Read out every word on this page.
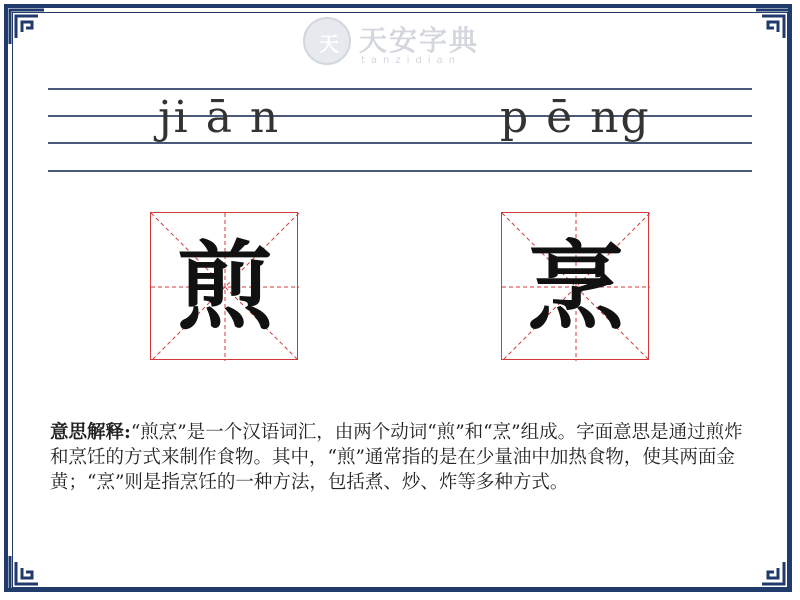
天 天安字典
tanzidian
ji ā n	p ē ng
煎	烹
意思解释:“煎烹”是一个汉语词汇，由两个动词“煎”和“烹”组成。字面意思是通过煎炸和烹饪的方式来制作食物。其中，“煎”通常指的是在少量油中加热食物，使其两面金黄；“烹”则是指烹饪的一种方法，包括煮、炒、炸等多种方式。
